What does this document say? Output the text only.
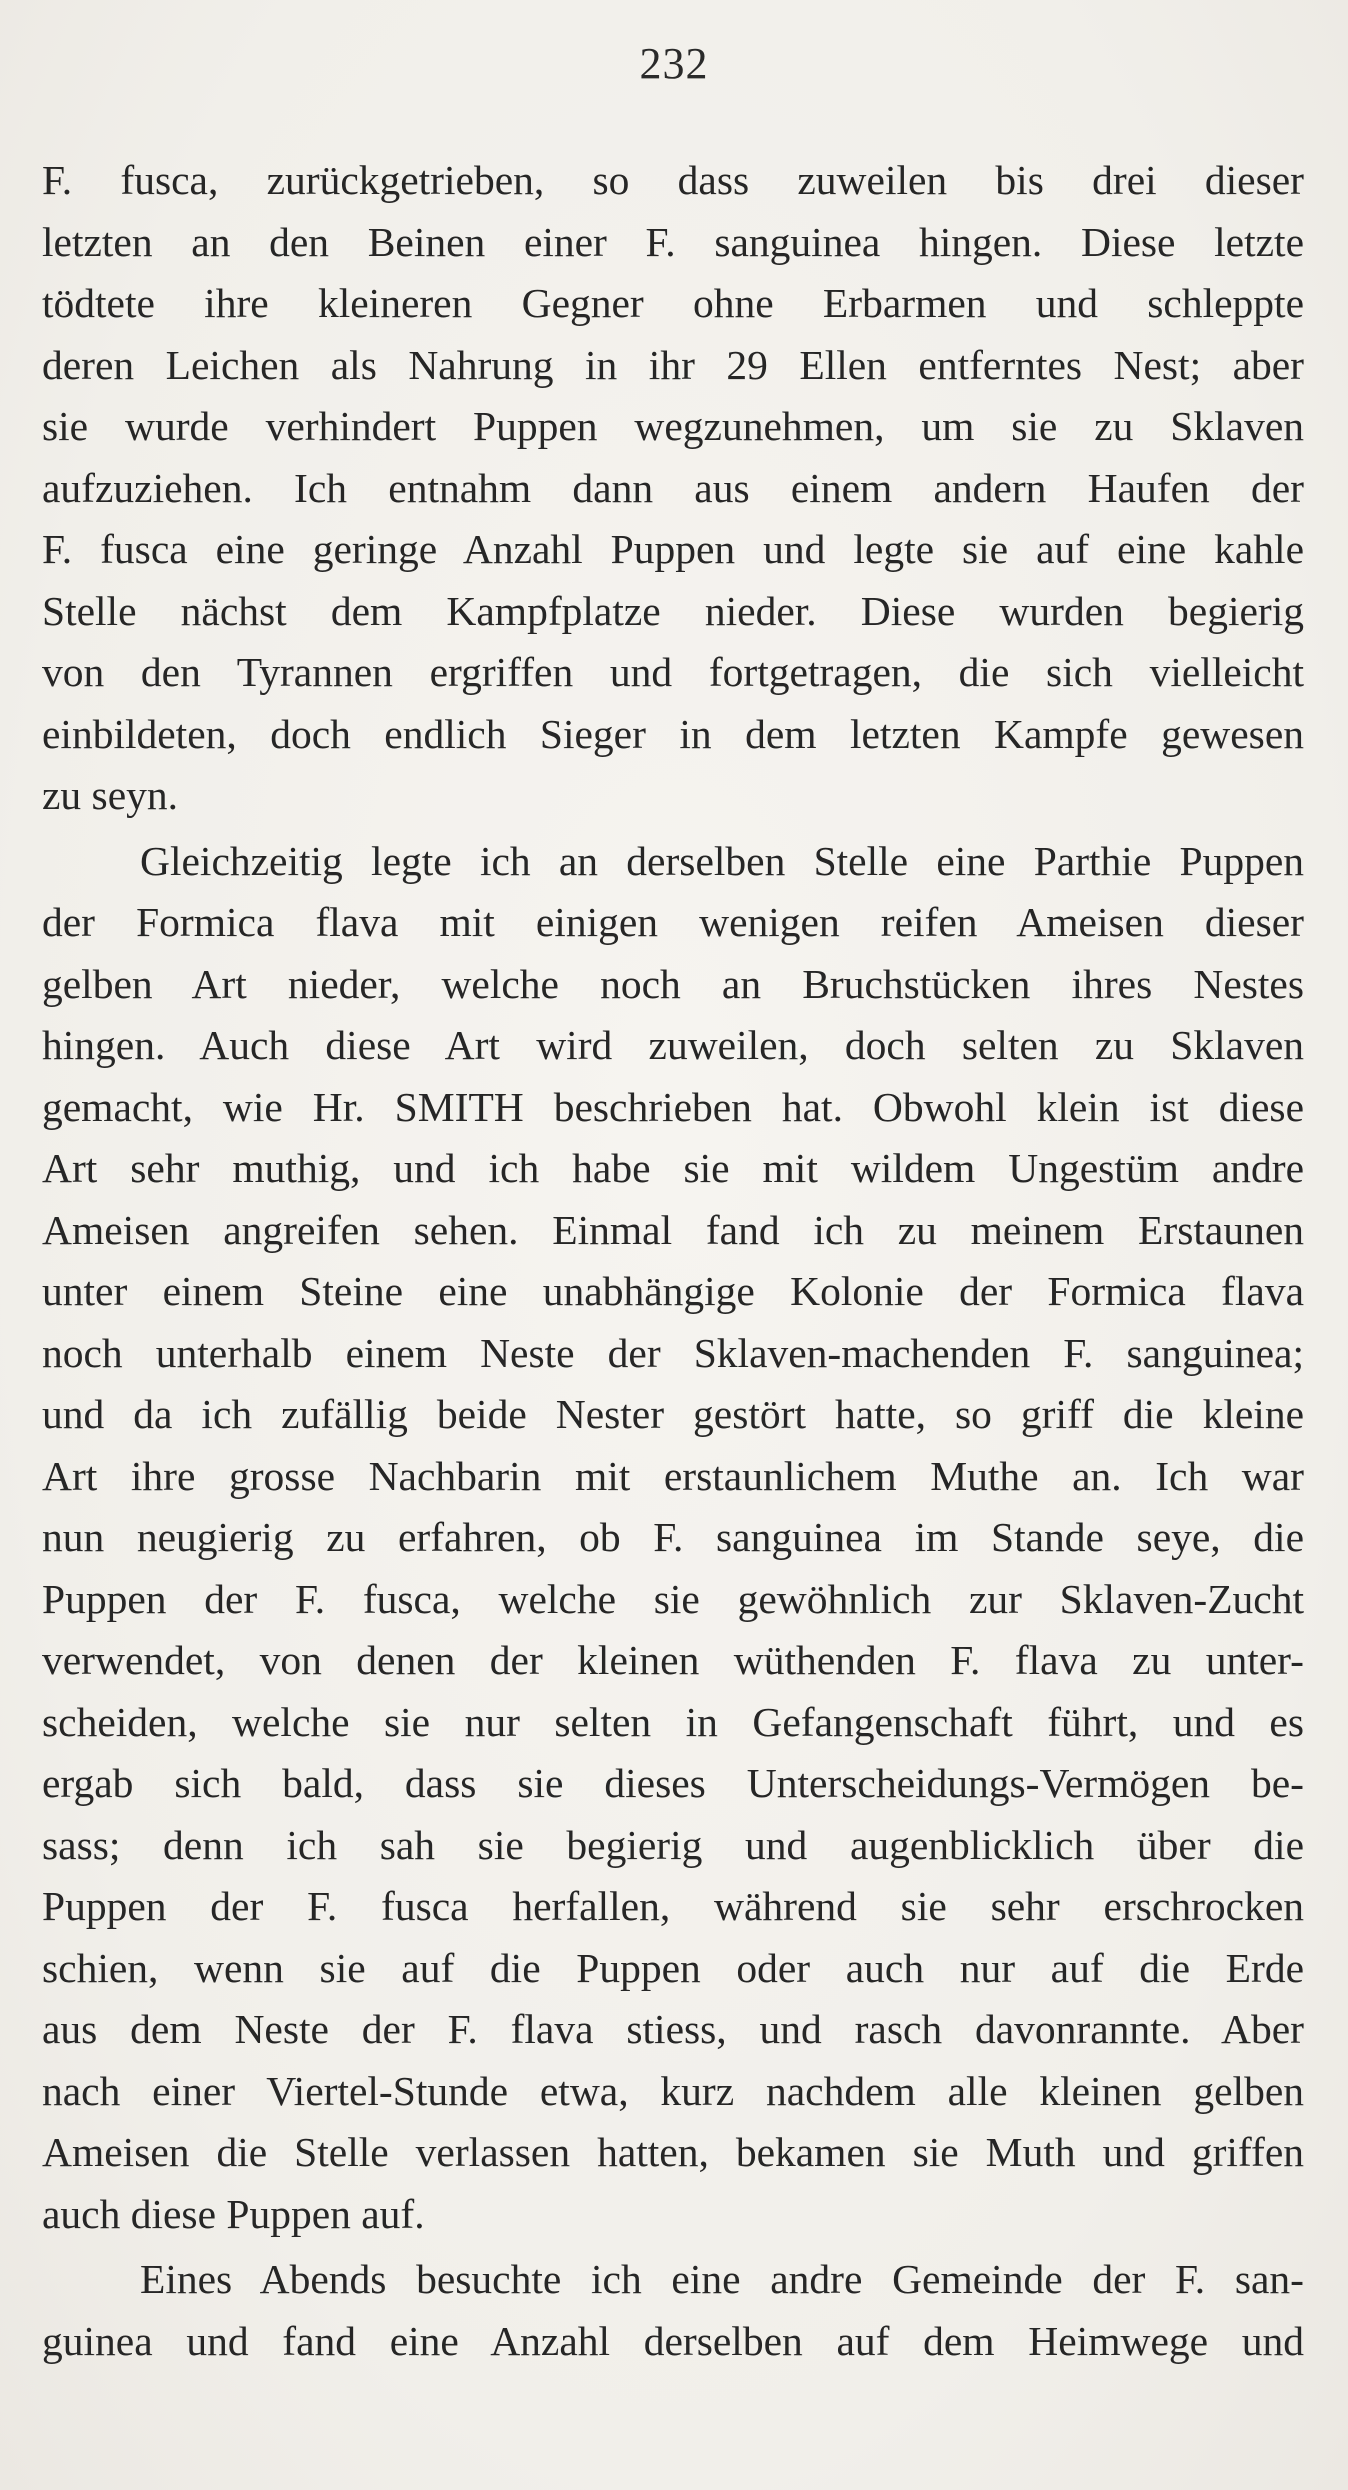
232
F. fusca, zurückgetrieben, so dass zuweilen bis drei dieser
letzten an den Beinen einer F. sanguinea hingen. Diese letzte
tödtete ihre kleineren Gegner ohne Erbarmen und schleppte
deren Leichen als Nahrung in ihr 29 Ellen entferntes Nest; aber
sie wurde verhindert Puppen wegzunehmen, um sie zu Sklaven
aufzuziehen. Ich entnahm dann aus einem andern Haufen der
F. fusca eine geringe Anzahl Puppen und legte sie auf eine kahle
Stelle nächst dem Kampfplatze nieder. Diese wurden begierig
von den Tyrannen ergriffen und fortgetragen, die sich vielleicht
einbildeten, doch endlich Sieger in dem letzten Kampfe gewesen
zu seyn.
Gleichzeitig legte ich an derselben Stelle eine Parthie Puppen
der Formica flava mit einigen wenigen reifen Ameisen dieser
gelben Art nieder, welche noch an Bruchstücken ihres Nestes
hingen. Auch diese Art wird zuweilen, doch selten zu Sklaven
gemacht, wie Hr. SMITH beschrieben hat. Obwohl klein ist diese
Art sehr muthig, und ich habe sie mit wildem Ungestüm andre
Ameisen angreifen sehen. Einmal fand ich zu meinem Erstaunen
unter einem Steine eine unabhängige Kolonie der Formica flava
noch unterhalb einem Neste der Sklaven-machenden F. sanguinea;
und da ich zufällig beide Nester gestört hatte, so griff die kleine
Art ihre grosse Nachbarin mit erstaunlichem Muthe an. Ich war
nun neugierig zu erfahren, ob F. sanguinea im Stande seye, die
Puppen der F. fusca, welche sie gewöhnlich zur Sklaven-Zucht
verwendet, von denen der kleinen wüthenden F. flava zu unter-
scheiden, welche sie nur selten in Gefangenschaft führt, und es
ergab sich bald, dass sie dieses Unterscheidungs-Vermögen be-
sass; denn ich sah sie begierig und augenblicklich über die
Puppen der F. fusca herfallen, während sie sehr erschrocken
schien, wenn sie auf die Puppen oder auch nur auf die Erde
aus dem Neste der F. flava stiess, und rasch davonrannte. Aber
nach einer Viertel-Stunde etwa, kurz nachdem alle kleinen gelben
Ameisen die Stelle verlassen hatten, bekamen sie Muth und griffen
auch diese Puppen auf.
Eines Abends besuchte ich eine andre Gemeinde der F. san-
guinea und fand eine Anzahl derselben auf dem Heimwege und
